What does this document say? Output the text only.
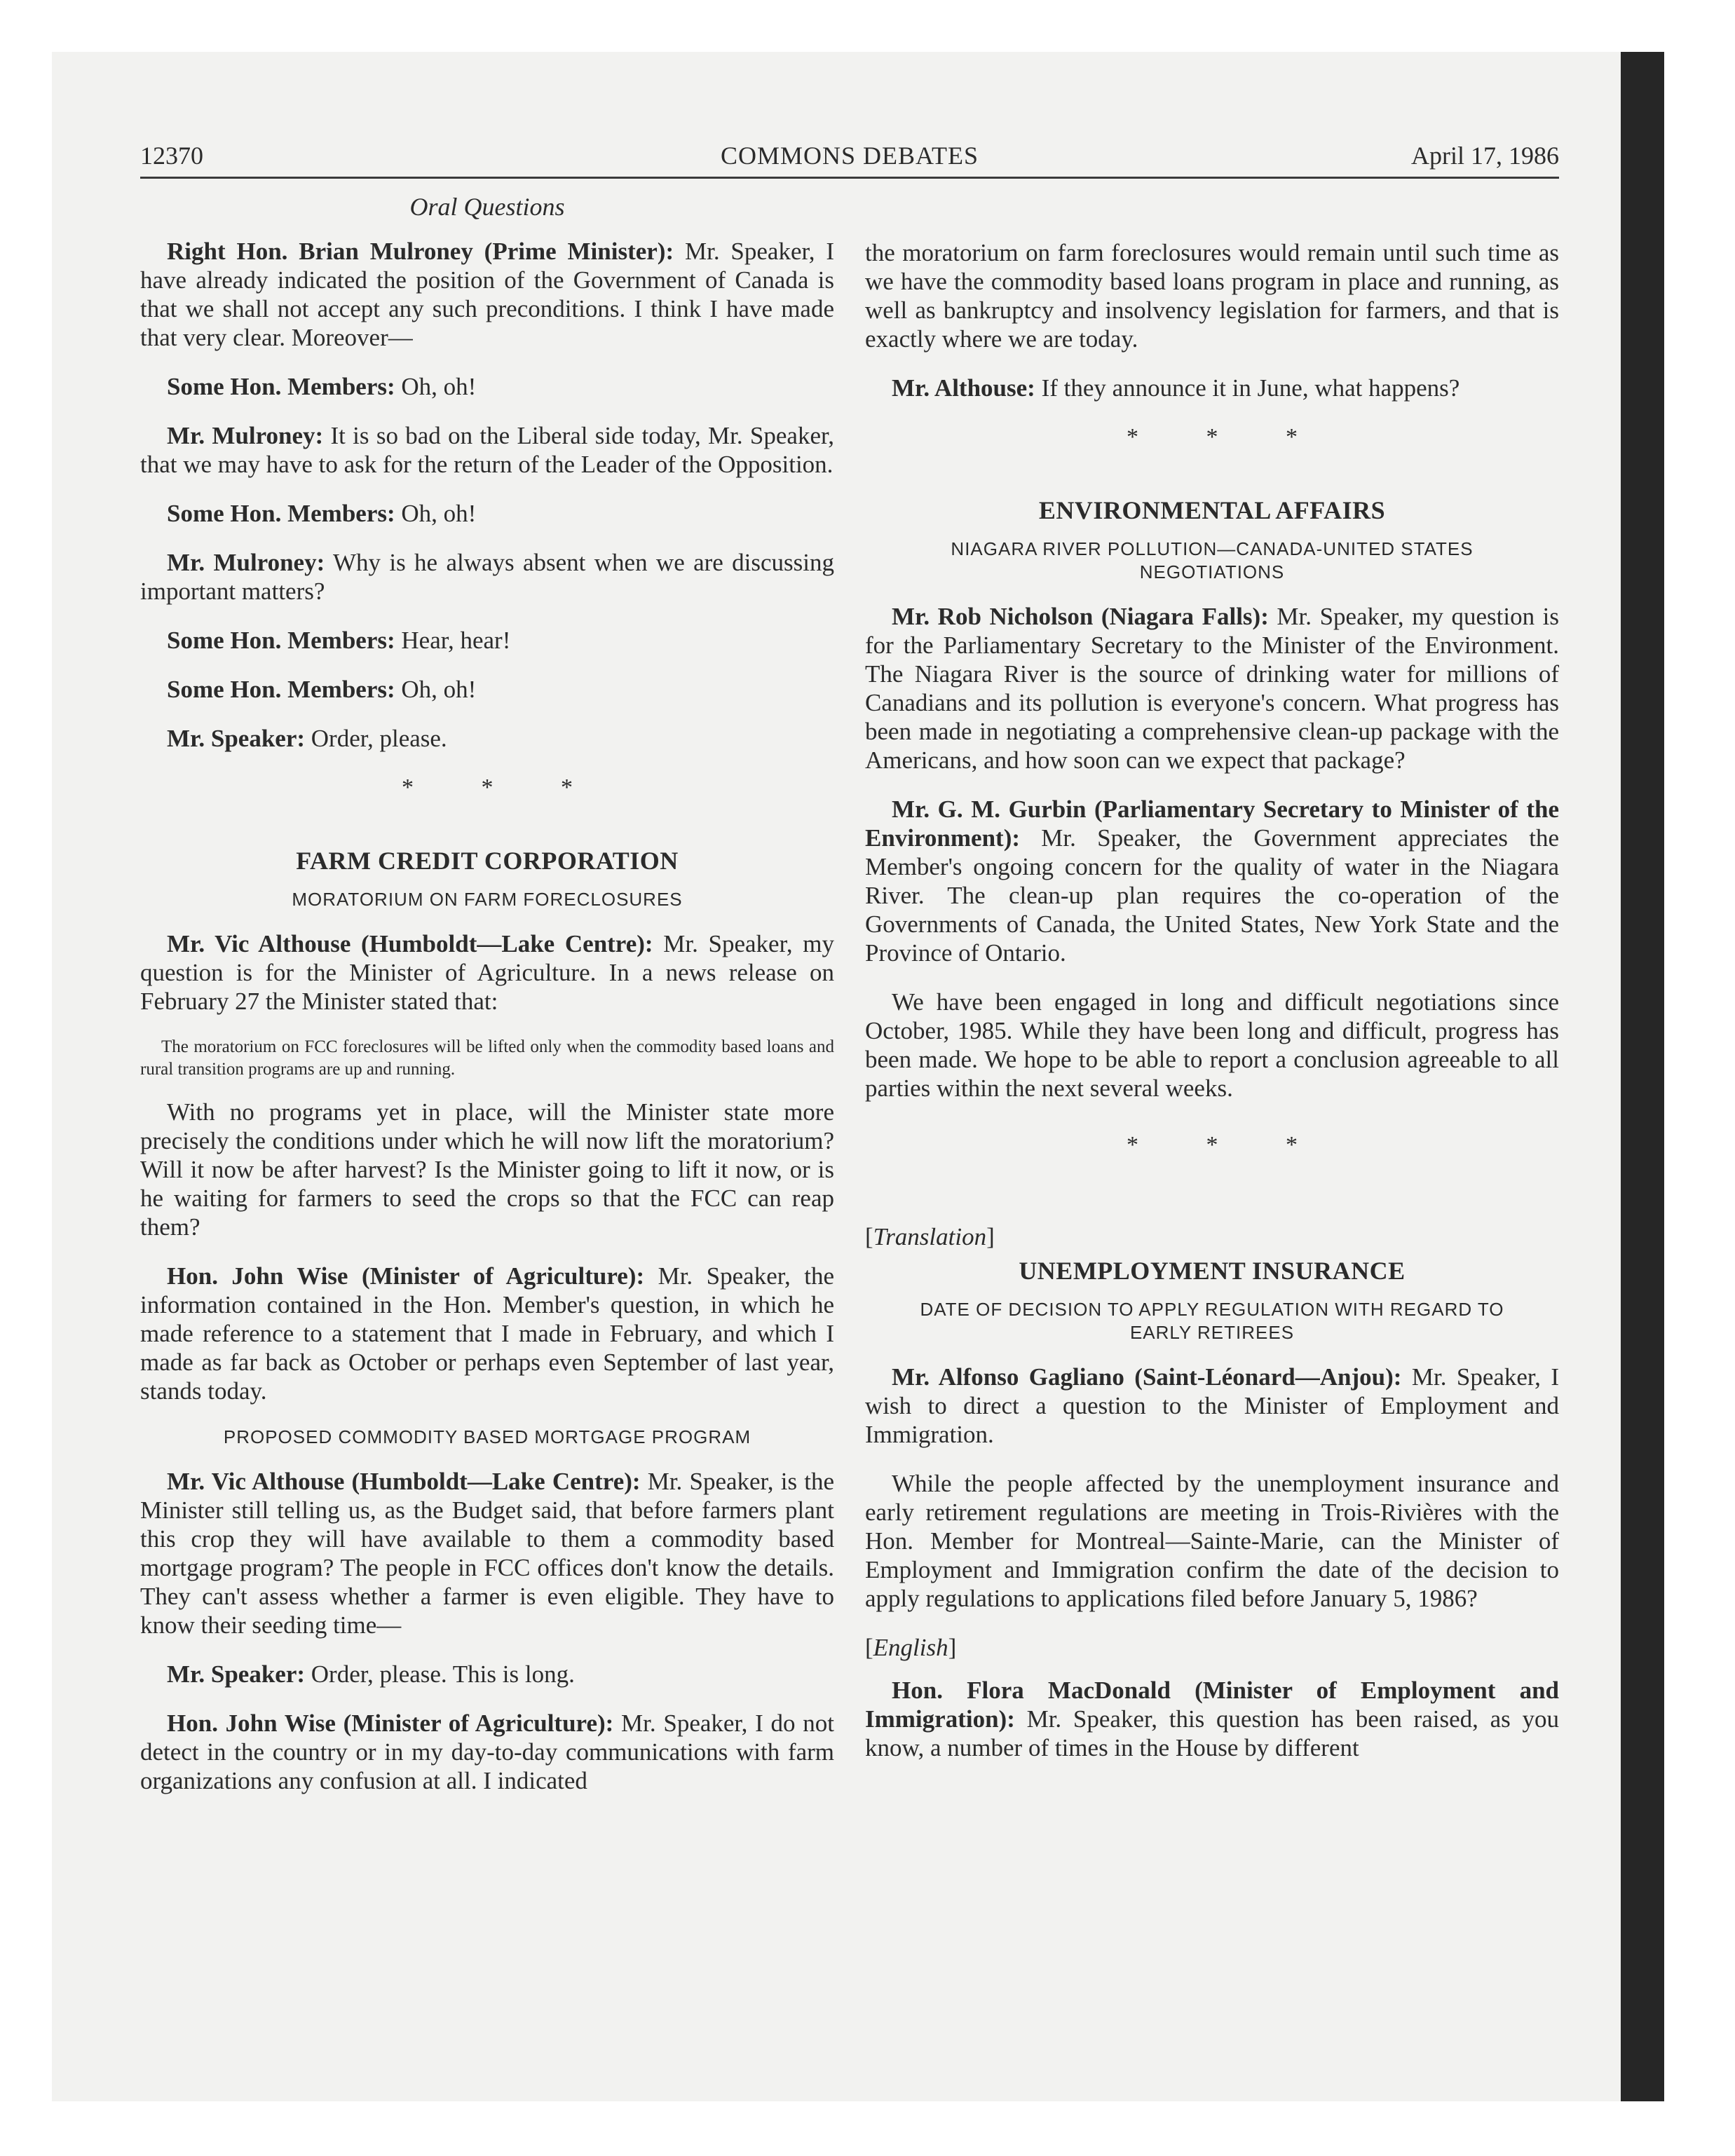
12370	COMMONS DEBATES	April 17, 1986
Oral Questions

Right Hon. Brian Mulroney (Prime Minister): Mr. Speaker, I have already indicated the position of the Government of Canada is that we shall not accept any such preconditions. I think I have made that very clear. Moreover—

Some Hon. Members: Oh, oh!

Mr. Mulroney: It is so bad on the Liberal side today, Mr. Speaker, that we may have to ask for the return of the Leader of the Opposition.

Some Hon. Members: Oh, oh!

Mr. Mulroney: Why is he always absent when we are discussing important matters?

Some Hon. Members: Hear, hear!

Some Hon. Members: Oh, oh!

Mr. Speaker: Order, please.

* * *
FARM CREDIT CORPORATION
MORATORIUM ON FARM FORECLOSURES

Mr. Vic Althouse (Humboldt—Lake Centre): Mr. Speaker, my question is for the Minister of Agriculture. In a news release on February 27 the Minister stated that:

The moratorium on FCC foreclosures will be lifted only when the commodity based loans and rural transition programs are up and running.

With no programs yet in place, will the Minister state more precisely the conditions under which he will now lift the moratorium? Will it now be after harvest? Is the Minister going to lift it now, or is he waiting for farmers to seed the crops so that the FCC can reap them?

Hon. John Wise (Minister of Agriculture): Mr. Speaker, the information contained in the Hon. Member's question, in which he made reference to a statement that I made in February, and which I made as far back as October or perhaps even September of last year, stands today.

PROPOSED COMMODITY BASED MORTGAGE PROGRAM

Mr. Vic Althouse (Humboldt—Lake Centre): Mr. Speaker, is the Minister still telling us, as the Budget said, that before farmers plant this crop they will have available to them a commodity based mortgage program? The people in FCC offices don't know the details. They can't assess whether a farmer is even eligible. They have to know their seeding time—

Mr. Speaker: Order, please. This is long.

Hon. John Wise (Minister of Agriculture): Mr. Speaker, I do not detect in the country or in my day-to-day communications with farm organizations any confusion at all. I indicated

the moratorium on farm foreclosures would remain until such time as we have the commodity based loans program in place and running, as well as bankruptcy and insolvency legislation for farmers, and that is exactly where we are today.

Mr. Althouse: If they announce it in June, what happens?

* * *
ENVIRONMENTAL AFFAIRS
NIAGARA RIVER POLLUTION—CANADA-UNITED STATES NEGOTIATIONS

Mr. Rob Nicholson (Niagara Falls): Mr. Speaker, my question is for the Parliamentary Secretary to the Minister of the Environment. The Niagara River is the source of drinking water for millions of Canadians and its pollution is everyone's concern. What progress has been made in negotiating a comprehensive clean-up package with the Americans, and how soon can we expect that package?

Mr. G. M. Gurbin (Parliamentary Secretary to Minister of the Environment): Mr. Speaker, the Government appreciates the Member's ongoing concern for the quality of water in the Niagara River. The clean-up plan requires the co-operation of the Governments of Canada, the United States, New York State and the Province of Ontario.

We have been engaged in long and difficult negotiations since October, 1985. While they have been long and difficult, progress has been made. We hope to be able to report a conclusion agreeable to all parties within the next several weeks.

* * *
[Translation]
UNEMPLOYMENT INSURANCE
DATE OF DECISION TO APPLY REGULATION WITH REGARD TO EARLY RETIREES

Mr. Alfonso Gagliano (Saint-Léonard—Anjou): Mr. Speaker, I wish to direct a question to the Minister of Employment and Immigration.

While the people affected by the unemployment insurance and early retirement regulations are meeting in Trois-Rivières with the Hon. Member for Montreal—Sainte-Marie, can the Minister of Employment and Immigration confirm the date of the decision to apply regulations to applications filed before January 5, 1986?

[English]

Hon. Flora MacDonald (Minister of Employment and Immigration): Mr. Speaker, this question has been raised, as you know, a number of times in the House by different
